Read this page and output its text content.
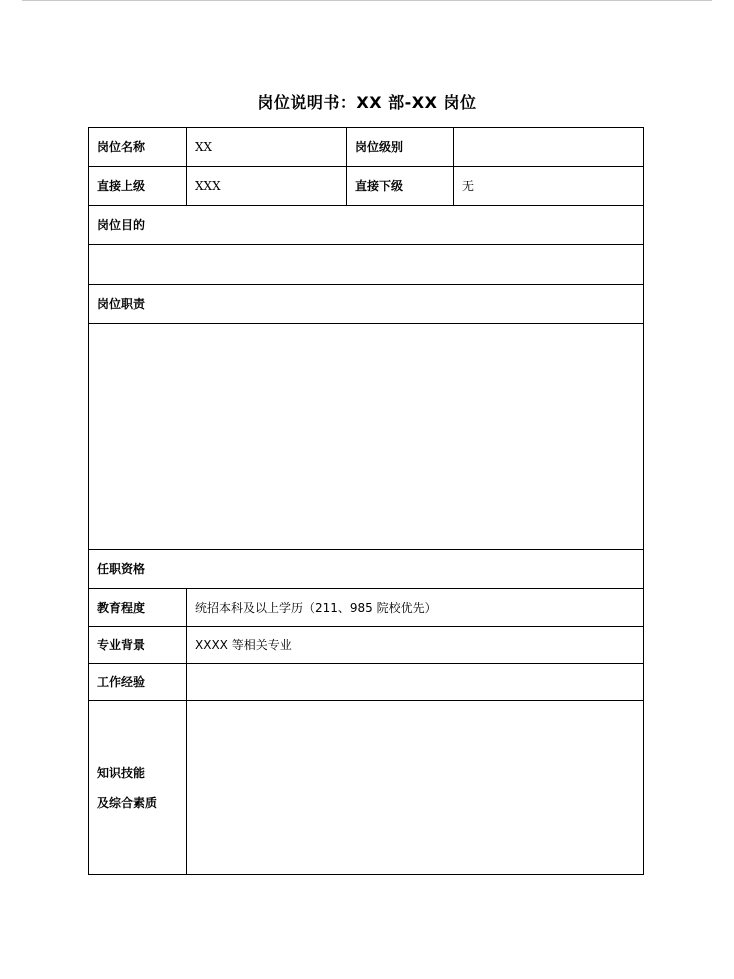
岗位说明书：XX 部-XX 岗位
岗位名称	XX	岗位级别	
直接上级	XXX	直接下级	无
岗位目的			

岗位职责			

任职资格			
教育程度	统招本科及以上学历（211、985 院校优先）		
专业背景	XXXX 等相关专业		
工作经验			

知识技能
及综合素质			
